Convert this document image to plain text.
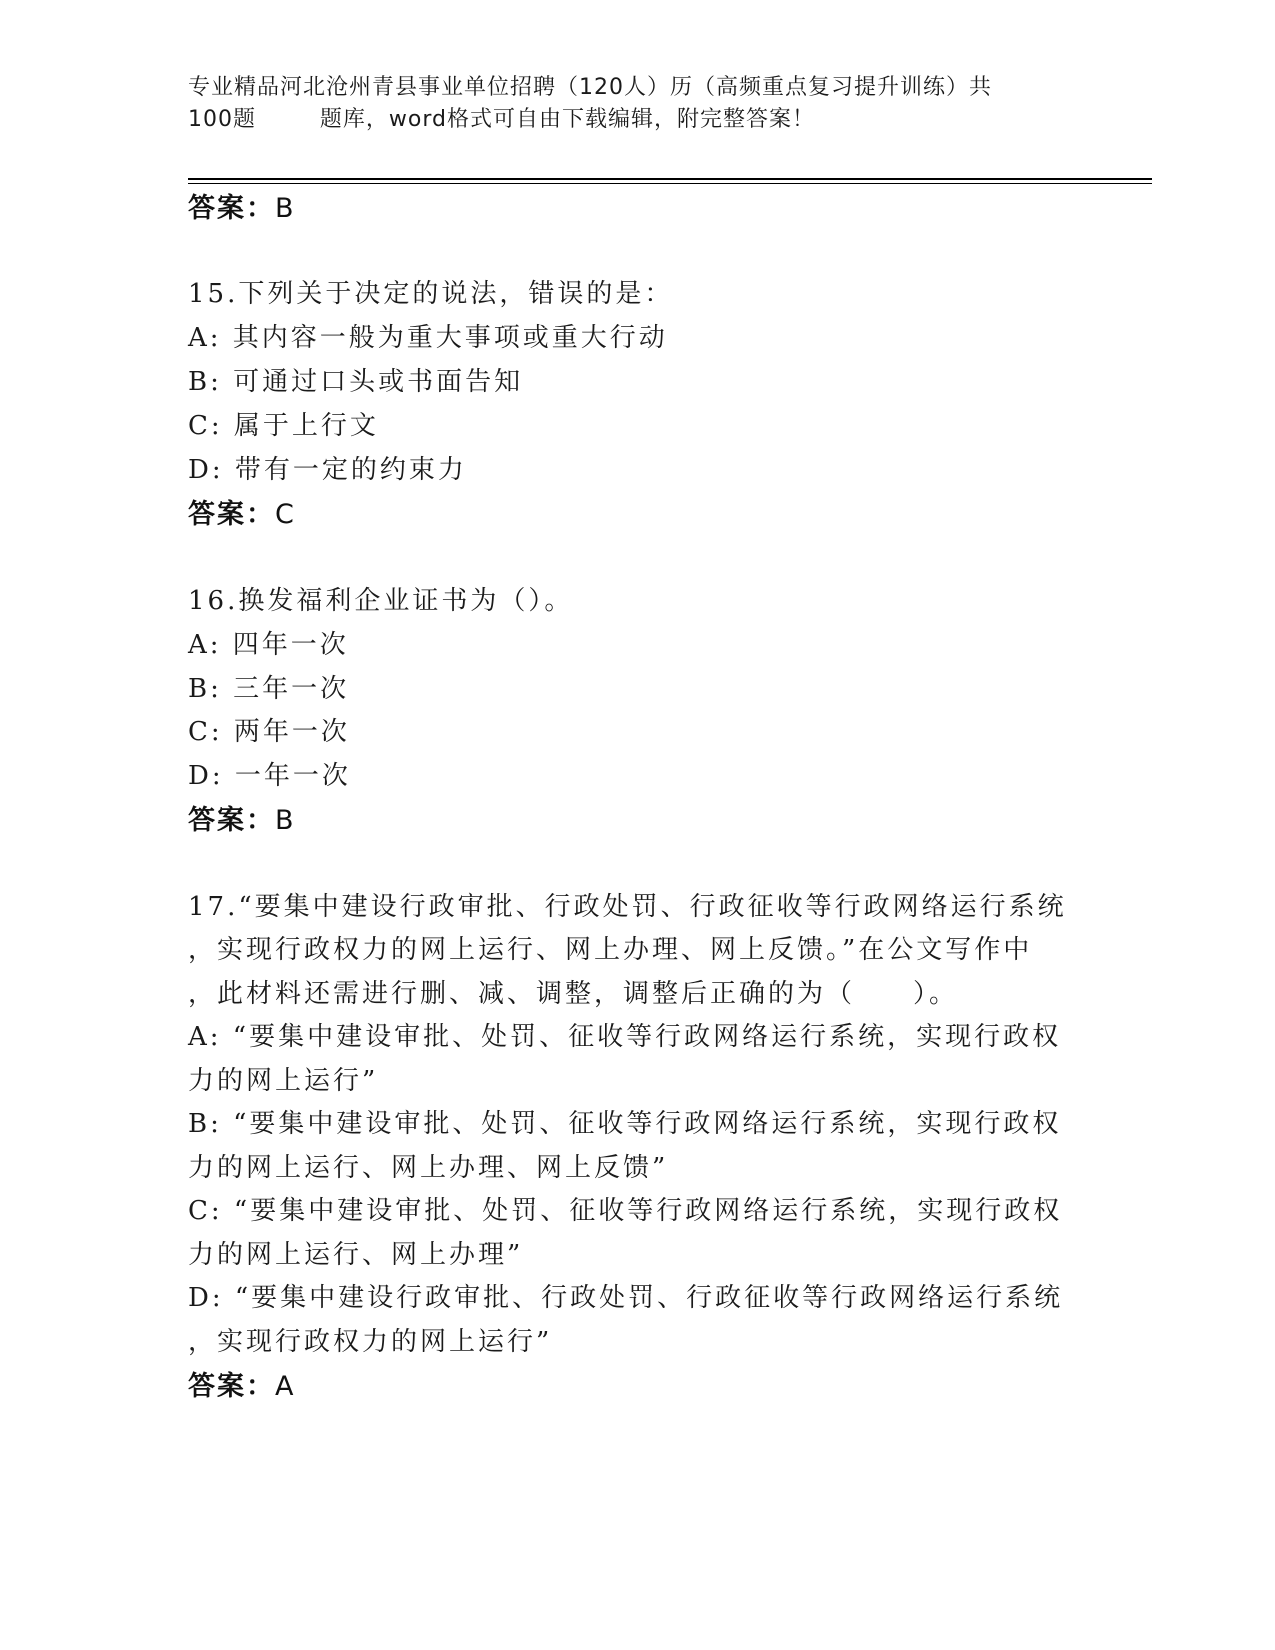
专业精品河北沧州青县事业单位招聘（120人）历（高频重点复习提升训练）共
100题        题库，word格式可自由下载编辑，附完整答案！
答案：B
15.下列关于决定的说法，错误的是：
A: 其内容一般为重大事项或重大行动
B: 可通过口头或书面告知
C: 属于上行文
D: 带有一定的约束力
答案：C
16.换发福利企业证书为（）。
A: 四年一次
B: 三年一次
C: 两年一次
D: 一年一次
答案：B
17.“要集中建设行政审批、行政处罚、行政征收等行政网络运行系统
，实现行政权力的网上运行、网上办理、网上反馈。”在公文写作中
，此材料还需进行删、减、调整，调整后正确的为（　　）。
A: “要集中建设审批、处罚、征收等行政网络运行系统，实现行政权
力的网上运行”
B: “要集中建设审批、处罚、征收等行政网络运行系统，实现行政权
力的网上运行、网上办理、网上反馈”
C: “要集中建设审批、处罚、征收等行政网络运行系统，实现行政权
力的网上运行、网上办理”
D: “要集中建设行政审批、行政处罚、行政征收等行政网络运行系统
，实现行政权力的网上运行”
答案：A
